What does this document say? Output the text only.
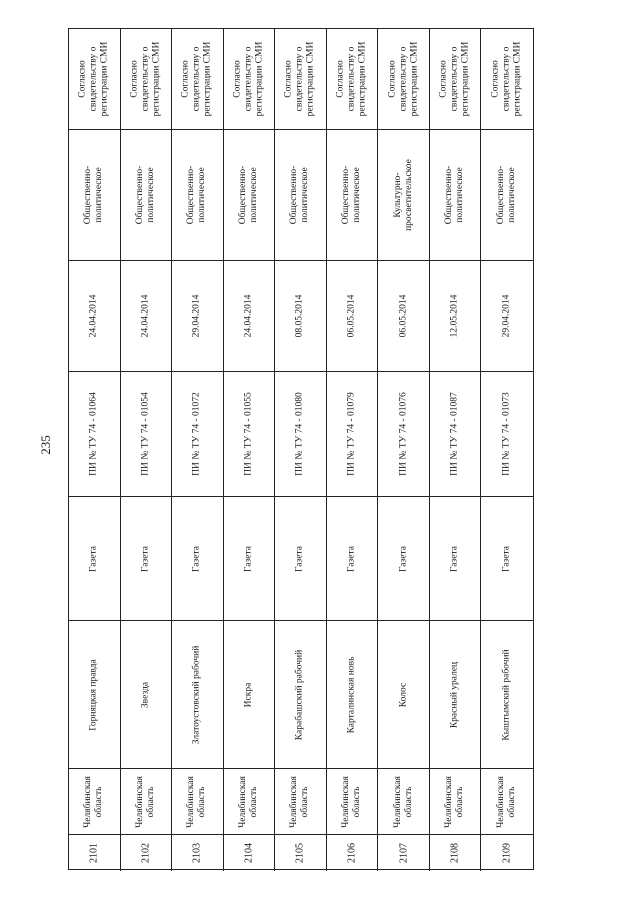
235
Согласно свидетельству о регистрации СМИ
Общественно-политическое
24.04.2014
ПИ № ТУ 74 - 01064
Газета
Горняцкая правда
Челябинская область
2101
Согласно свидетельству о регистрации СМИ
Общественно-политическое
24.04.2014
ПИ № ТУ 74 - 01054
Газета
Звезда
Челябинская область
2102
Согласно свидетельству о регистрации СМИ
Общественно-политическое
29.04.2014
ПИ № ТУ 74 - 01072
Газета
Златоустовский рабочий
Челябинская область
2103
Согласно свидетельству о регистрации СМИ
Общественно-политическое
24.04.2014
ПИ № ТУ 74 - 01055
Газета
Искра
Челябинская область
2104
Согласно свидетельству о регистрации СМИ
Общественно-политическое
08.05.2014
ПИ № ТУ 74 - 01080
Газета
Карабашский рабочий
Челябинская область
2105
Согласно свидетельству о регистрации СМИ
Общественно-политическое
06.05.2014
ПИ № ТУ 74 - 01079
Газета
Карталинская новь
Челябинская область
2106
Согласно свидетельству о регистрации СМИ
Культурно-просветительское
06.05.2014
ПИ № ТУ 74 - 01076
Газета
Колос
Челябинская область
2107
Согласно свидетельству о регистрации СМИ
Общественно-политическое
12.05.2014
ПИ № ТУ 74 - 01087
Газета
Красный уралец
Челябинская область
2108
Согласно свидетельству о регистрации СМИ
Общественно-политическое
29.04.2014
ПИ № ТУ 74 - 01073
Газета
Кыштымский рабочий
Челябинская область
2109
